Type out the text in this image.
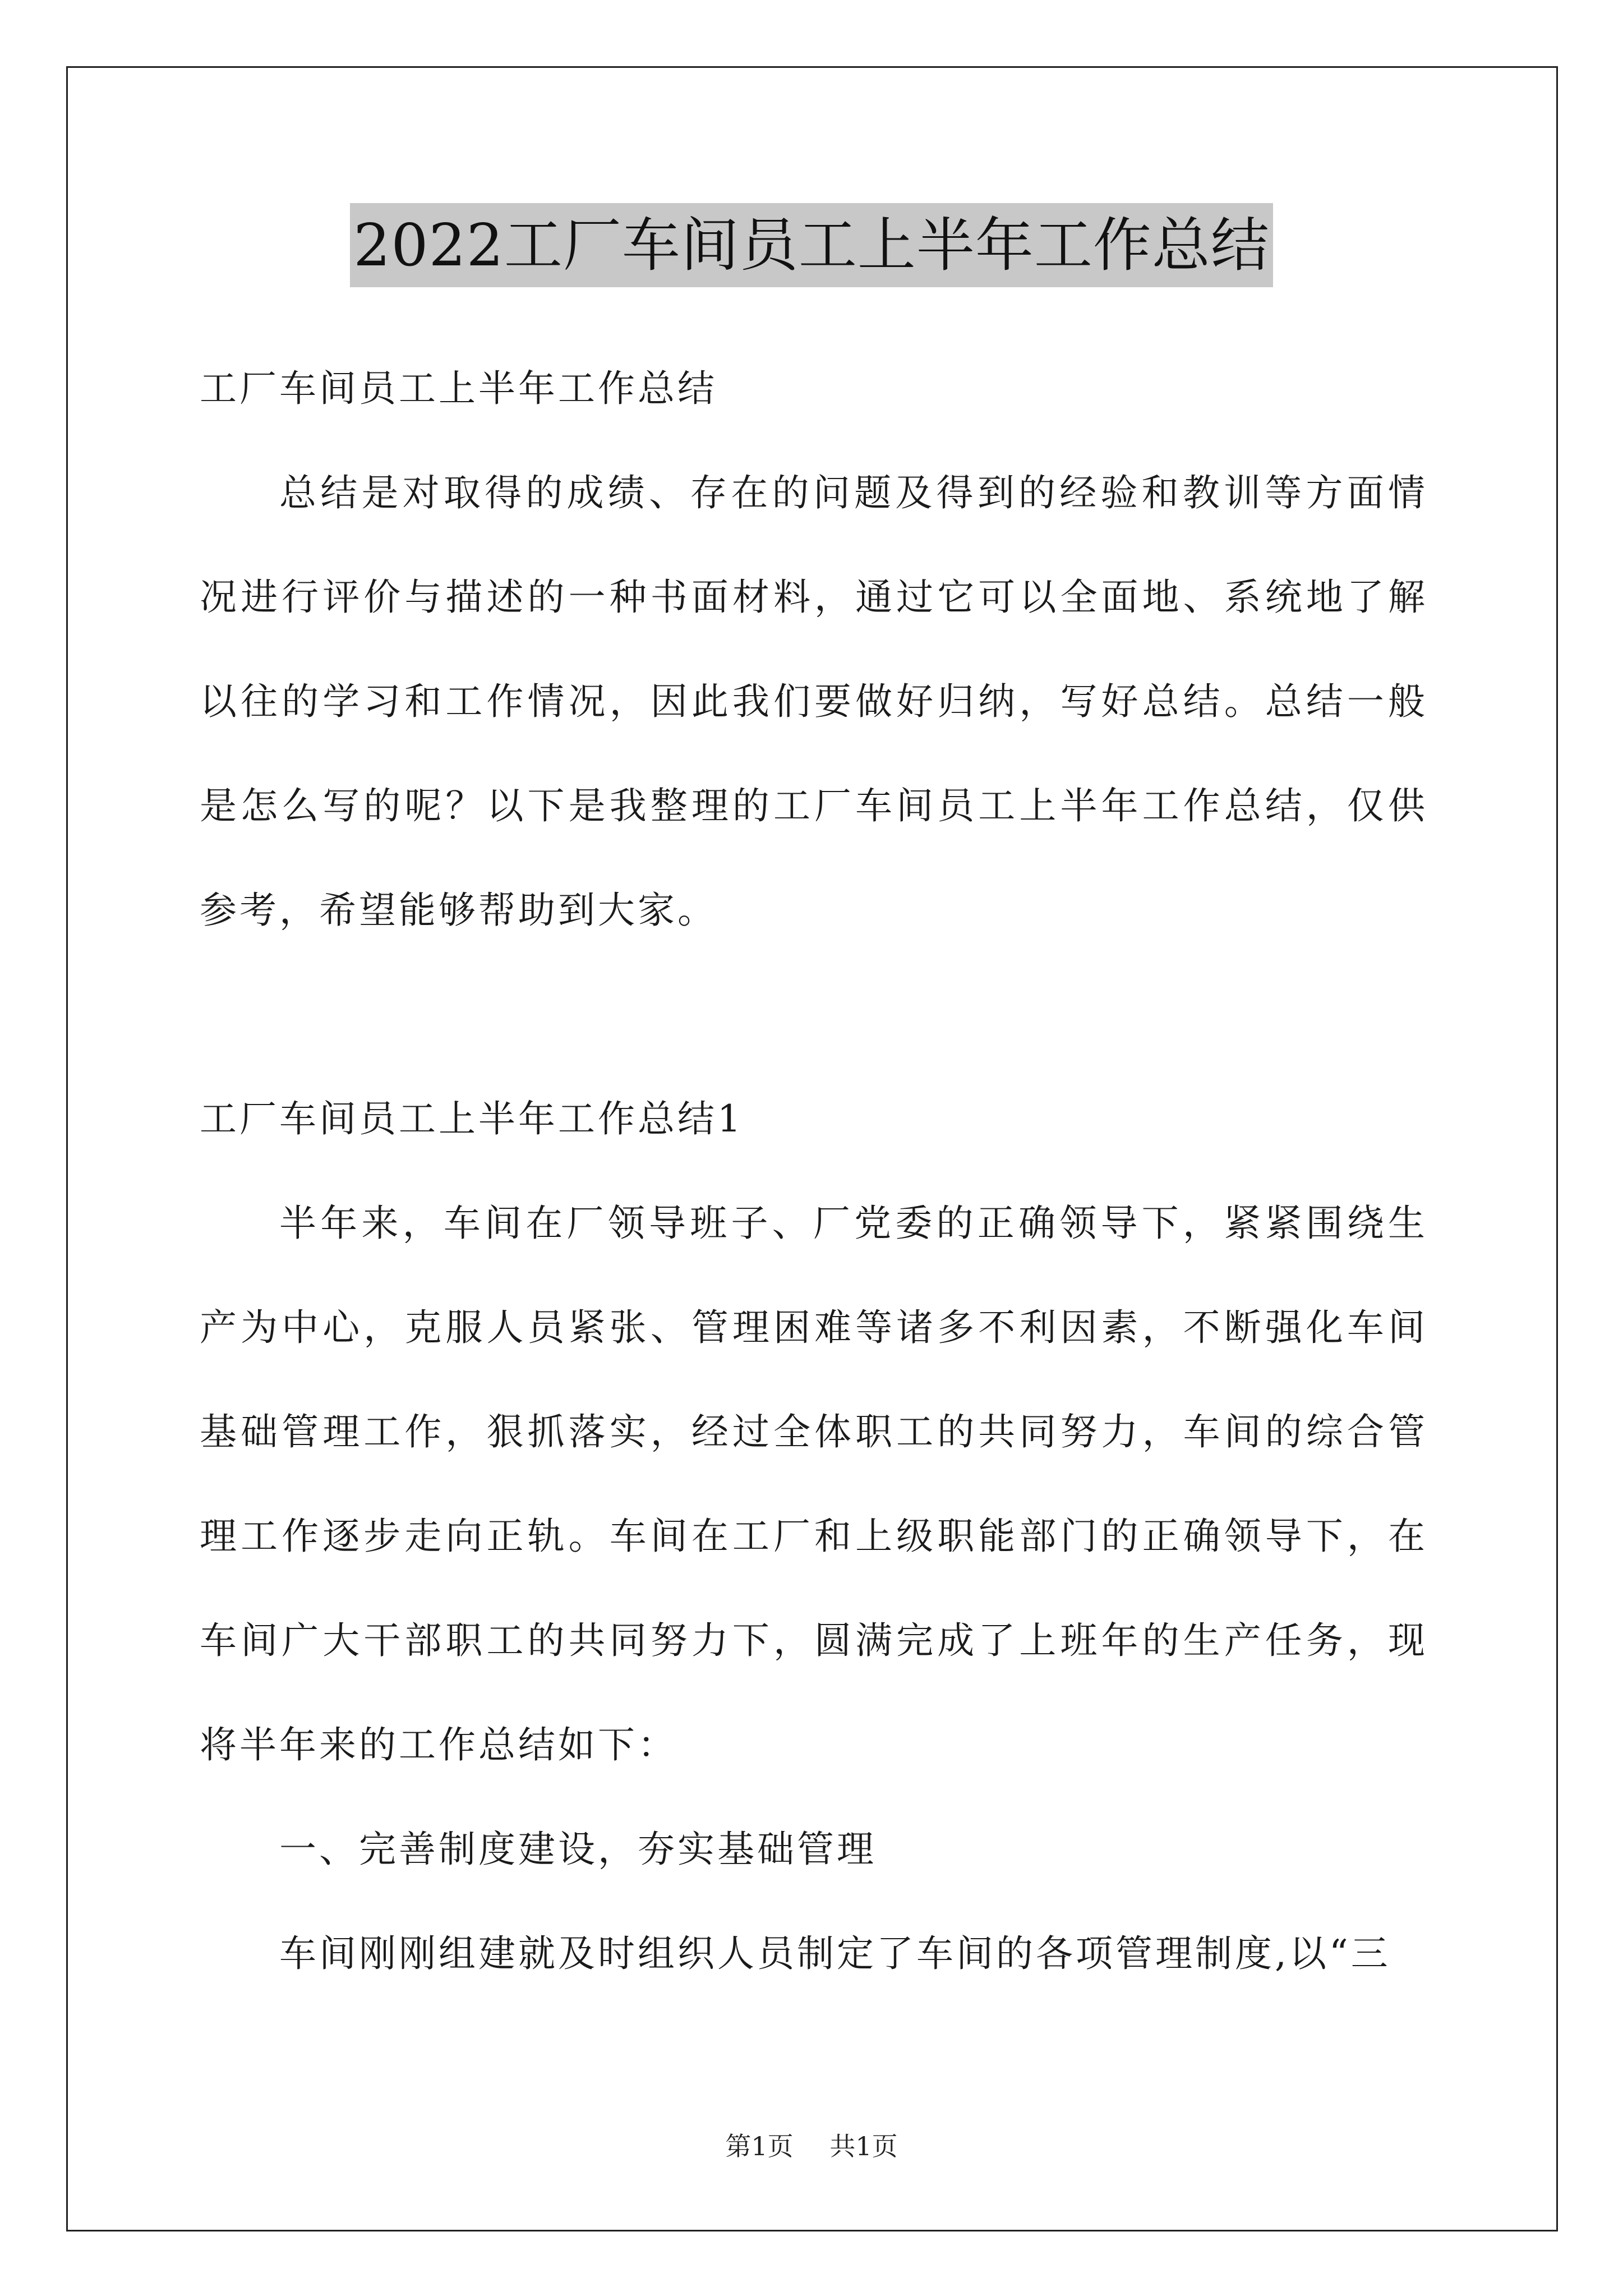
2022工厂车间员工上半年工作总结

工厂车间员工上半年工作总结

总结是对取得的成绩、存在的问题及得到的经验和教训等方面情况进行评价与描述的一种书面材料，通过它可以全面地、系统地了解以往的学习和工作情况，因此我们要做好归纳，写好总结。总结一般是怎么写的呢？以下是我整理的工厂车间员工上半年工作总结，仅供参考，希望能够帮助到大家。

工厂车间员工上半年工作总结1

半年来，车间在厂领导班子、厂党委的正确领导下，紧紧围绕生产为中心，克服人员紧张、管理困难等诸多不利因素，不断强化车间基础管理工作，狠抓落实，经过全体职工的共同努力，车间的综合管理工作逐步走向正轨。车间在工厂和上级职能部门的正确领导下，在车间广大干部职工的共同努力下，圆满完成了上班年的生产任务，现将半年来的工作总结如下：

一、完善制度建设，夯实基础管理

车间刚刚组建就及时组织人员制定了车间的各项管理制度,以“三

第1页 共1页
